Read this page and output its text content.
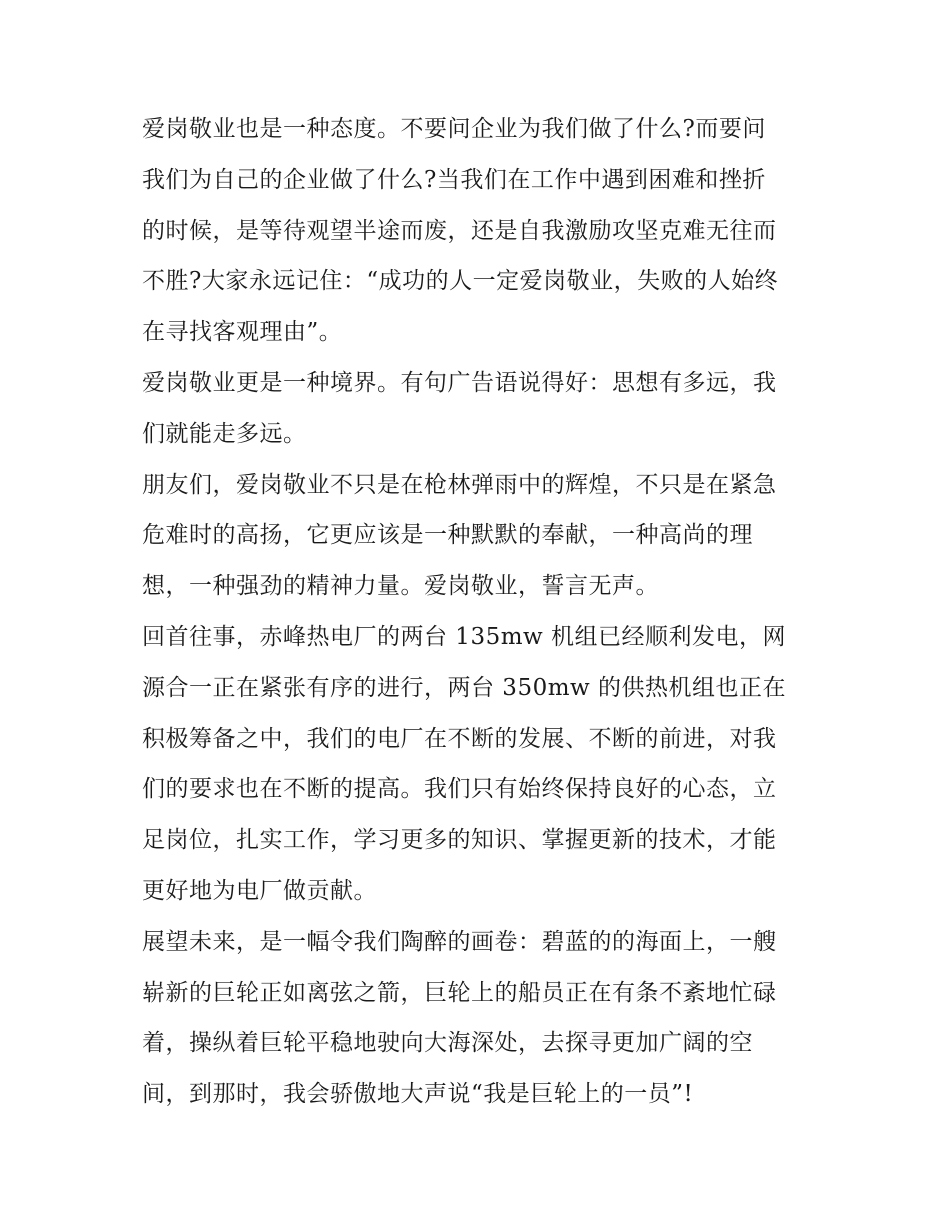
爱岗敬业也是一种态度。不要问企业为我们做了什么?而要问
我们为自己的企业做了什么?当我们在工作中遇到困难和挫折
的时候，是等待观望半途而废，还是自我激励攻坚克难无往而
不胜?大家永远记住：“成功的人一定爱岗敬业，失败的人始终
在寻找客观理由”。
爱岗敬业更是一种境界。有句广告语说得好：思想有多远，我
们就能走多远。
朋友们，爱岗敬业不只是在枪林弹雨中的辉煌，不只是在紧急
危难时的高扬，它更应该是一种默默的奉献，一种高尚的理
想，一种强劲的精神力量。爱岗敬业，誓言无声。
回首往事，赤峰热电厂的两台 135mw 机组已经顺利发电，网
源合一正在紧张有序的进行，两台 350mw 的供热机组也正在
积极筹备之中，我们的电厂在不断的发展、不断的前进，对我
们的要求也在不断的提高。我们只有始终保持良好的心态，立
足岗位，扎实工作，学习更多的知识、掌握更新的技术，才能
更好地为电厂做贡献。
展望未来，是一幅令我们陶醉的画卷：碧蓝的的海面上，一艘
崭新的巨轮正如离弦之箭，巨轮上的船员正在有条不紊地忙碌
着，操纵着巨轮平稳地驶向大海深处，去探寻更加广阔的空
间，到那时，我会骄傲地大声说“我是巨轮上的一员”!
